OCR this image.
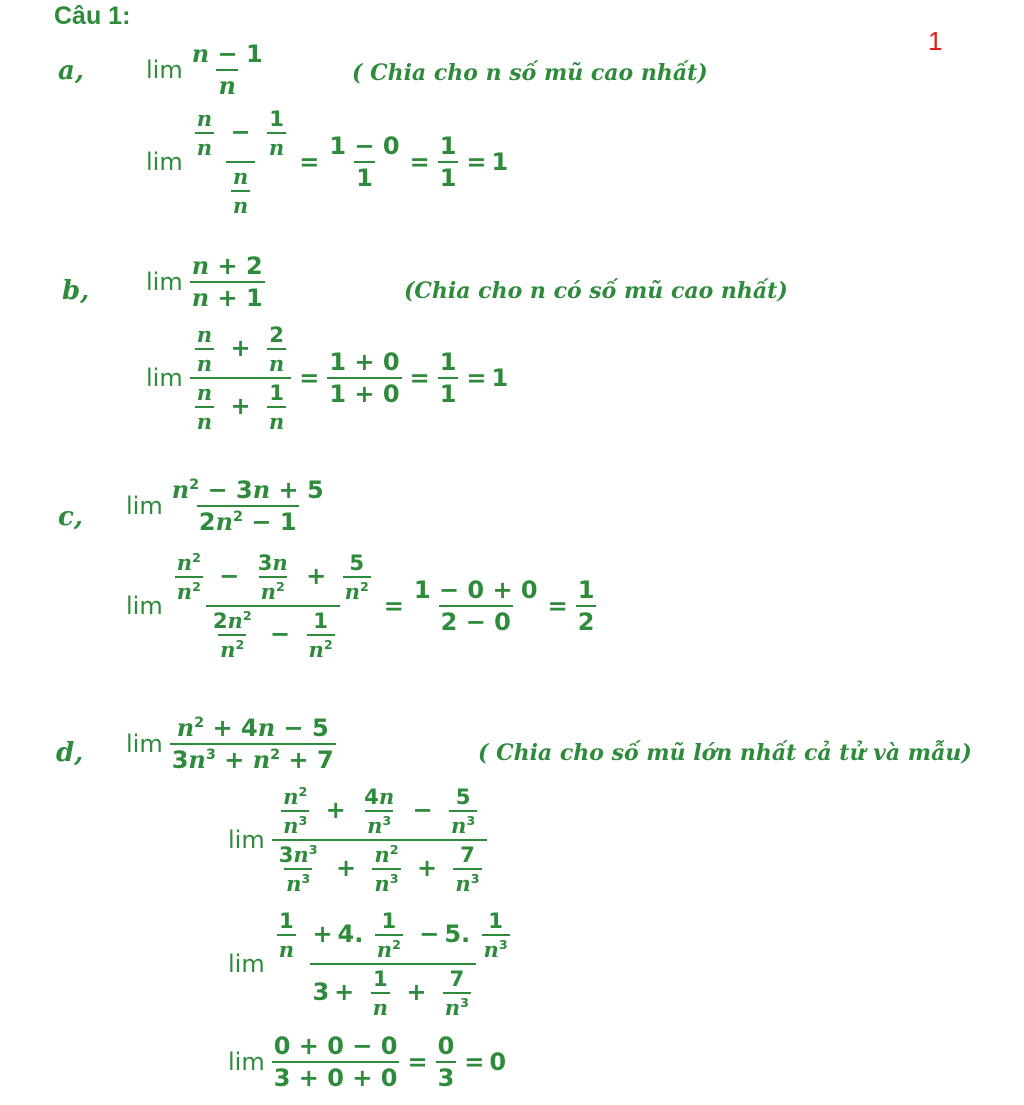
Câu 1:
1
a,	lim
n − 1
n	( Chia cho n số mũ cao nhất)
$\lim \frac{\frac{n}{n} - \frac{1}{n}}{\frac{n}{n}} = \frac{1 - 0}{1} = \frac{1}{1} = 1$
b, lim
n + 2
n + 1	(Chia cho n có số mũ cao nhất)
$\lim \frac{\frac{n}{n} + \frac{2}{n}}{\frac{n}{n} + \frac{1}{n}} = \frac{1 + 0}{1 + 0} = \frac{1}{1} = 1$
c, lim
$n^2 - 3n + 5$
$2n^2 - 1$
$\lim \frac{\frac{n^2}{n^2} - \frac{3n}{n^2} + \frac{5}{n^2}}{\frac{2n^2}{n^2} - \frac{1}{n^2}} = \frac{1 - 0 + 0}{2 - 0} = \frac{1}{2}$
d, lim
$n^2 + 4n - 5$
$3n^3 + n^2 + 7$	( Chia cho số mũ lớn nhất cả tử và mẫu)
lim
$\frac{n^2}{n^3} + \frac{4n}{n^3} - \frac{5}{n^3}$
$\frac{3n^3}{n^3} + \frac{n^2}{n^3} + \frac{7}{n^3}$
lim
$\frac{1}{n} + 4$. $\frac{1}{n^2} - 5$. $\frac{1}{n^3}$
$3 + \frac{1}{n} + \frac{7}{n^3}$
$\lim \frac{0 + 0 - 0}{3 + 0 + 0} = \frac{0}{3} = 0$
